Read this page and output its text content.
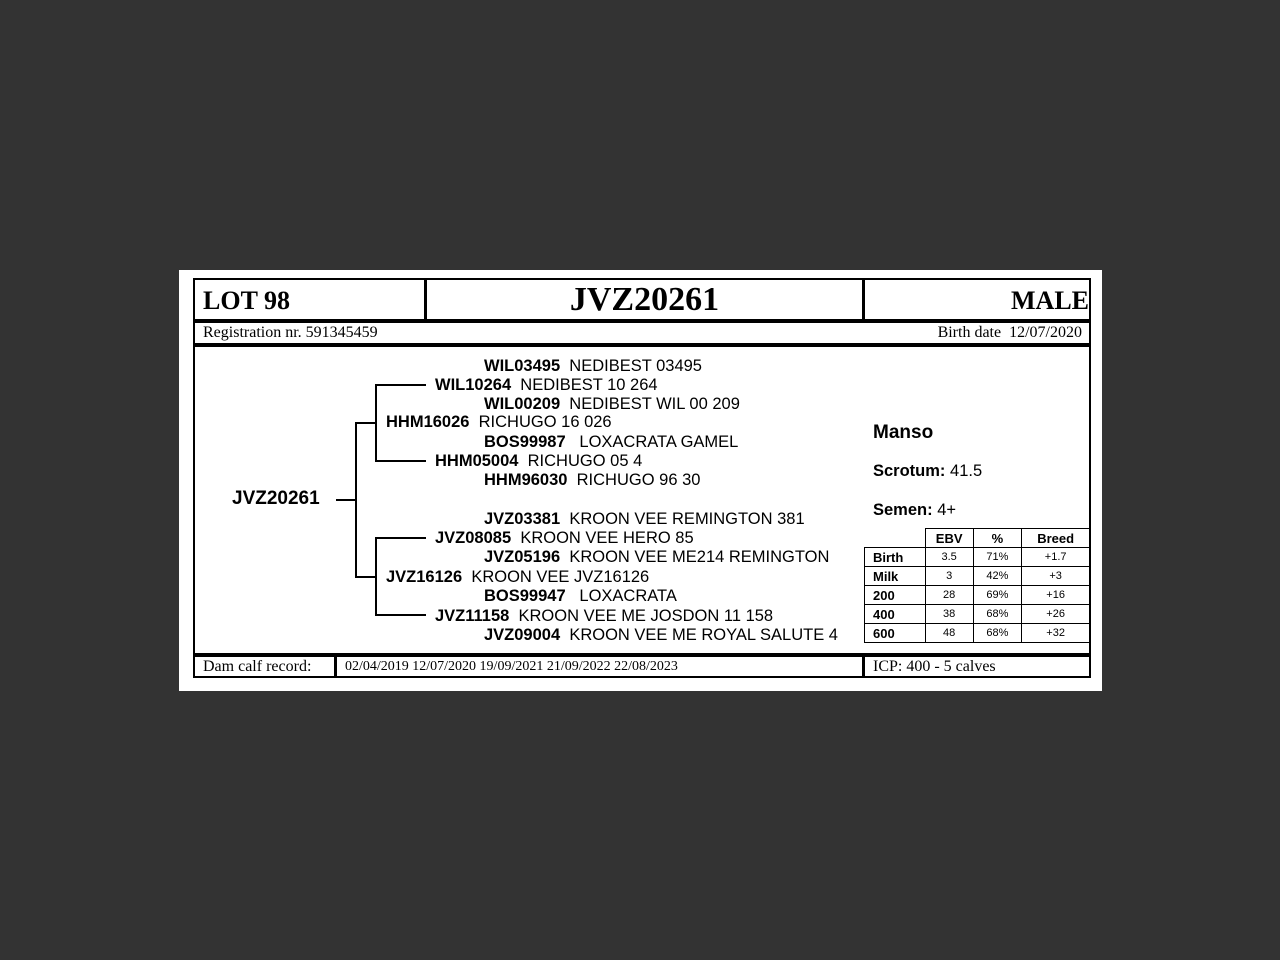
LOT 98	JVZ20261	MALE
Registration nr. 591345459	Birth date 12/07/2020
JVZ20261
WIL03495 NEDIBEST 03495
WIL10264 NEDIBEST 10 264
WIL00209 NEDIBEST WIL 00 209
HHM16026 RICHUGO 16 026
BOS99987 LOXACRATA GAMEL
HHM05004 RICHUGO 05 4
HHM96030 RICHUGO 96 30
JVZ03381 KROON VEE REMINGTON 381
JVZ08085 KROON VEE HERO 85
JVZ05196 KROON VEE ME214 REMINGTON
JVZ16126 KROON VEE JVZ16126
BOS99947 LOXACRATA
JVZ11158 KROON VEE ME JOSDON 11 158
JVZ09004 KROON VEE ME ROYAL SALUTE 4
Manso
Scrotum: 41.5
Semen: 4+
	EBV	%	Breed
Birth	3.5	71%	+1.7
Milk	3	42%	+3
200	28	69%	+16
400	38	68%	+26
600	48	68%	+32
Dam calf record: 02/04/2019 12/07/2020 19/09/2021 21/09/2022 22/08/2023	ICP: 400 - 5 calves
